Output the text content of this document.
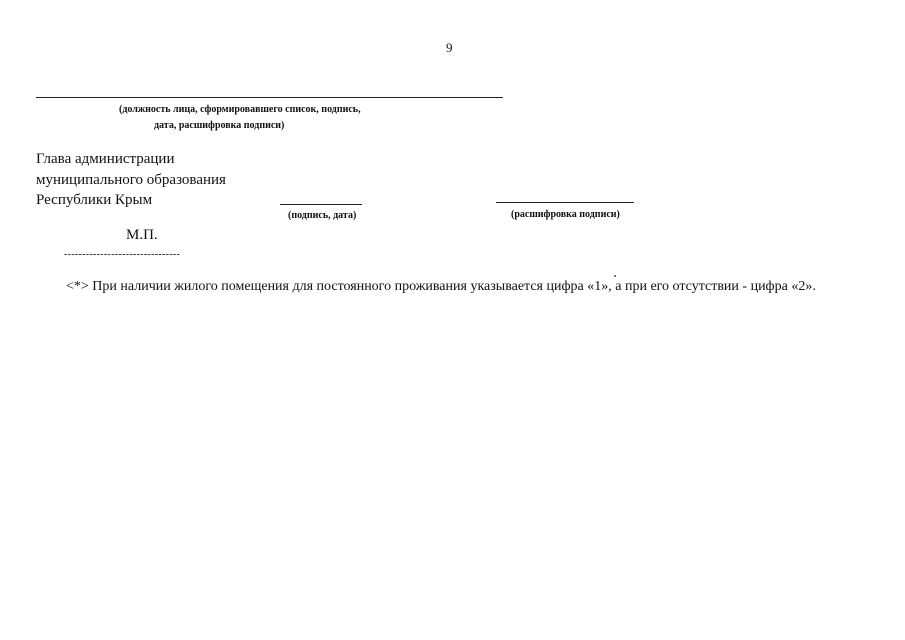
9
(должность лица, сформировавшего список, подпись,
дата, расшифровка подписи)
Глава администрации
муниципального образования
Республики Крым
(подпись, дата)	(расшифровка подписи)
М.П.
--------------------------------
<*> При наличии жилого помещения для постоянного проживания указывается цифра «1», а при его отсутствии - цифра «2».
